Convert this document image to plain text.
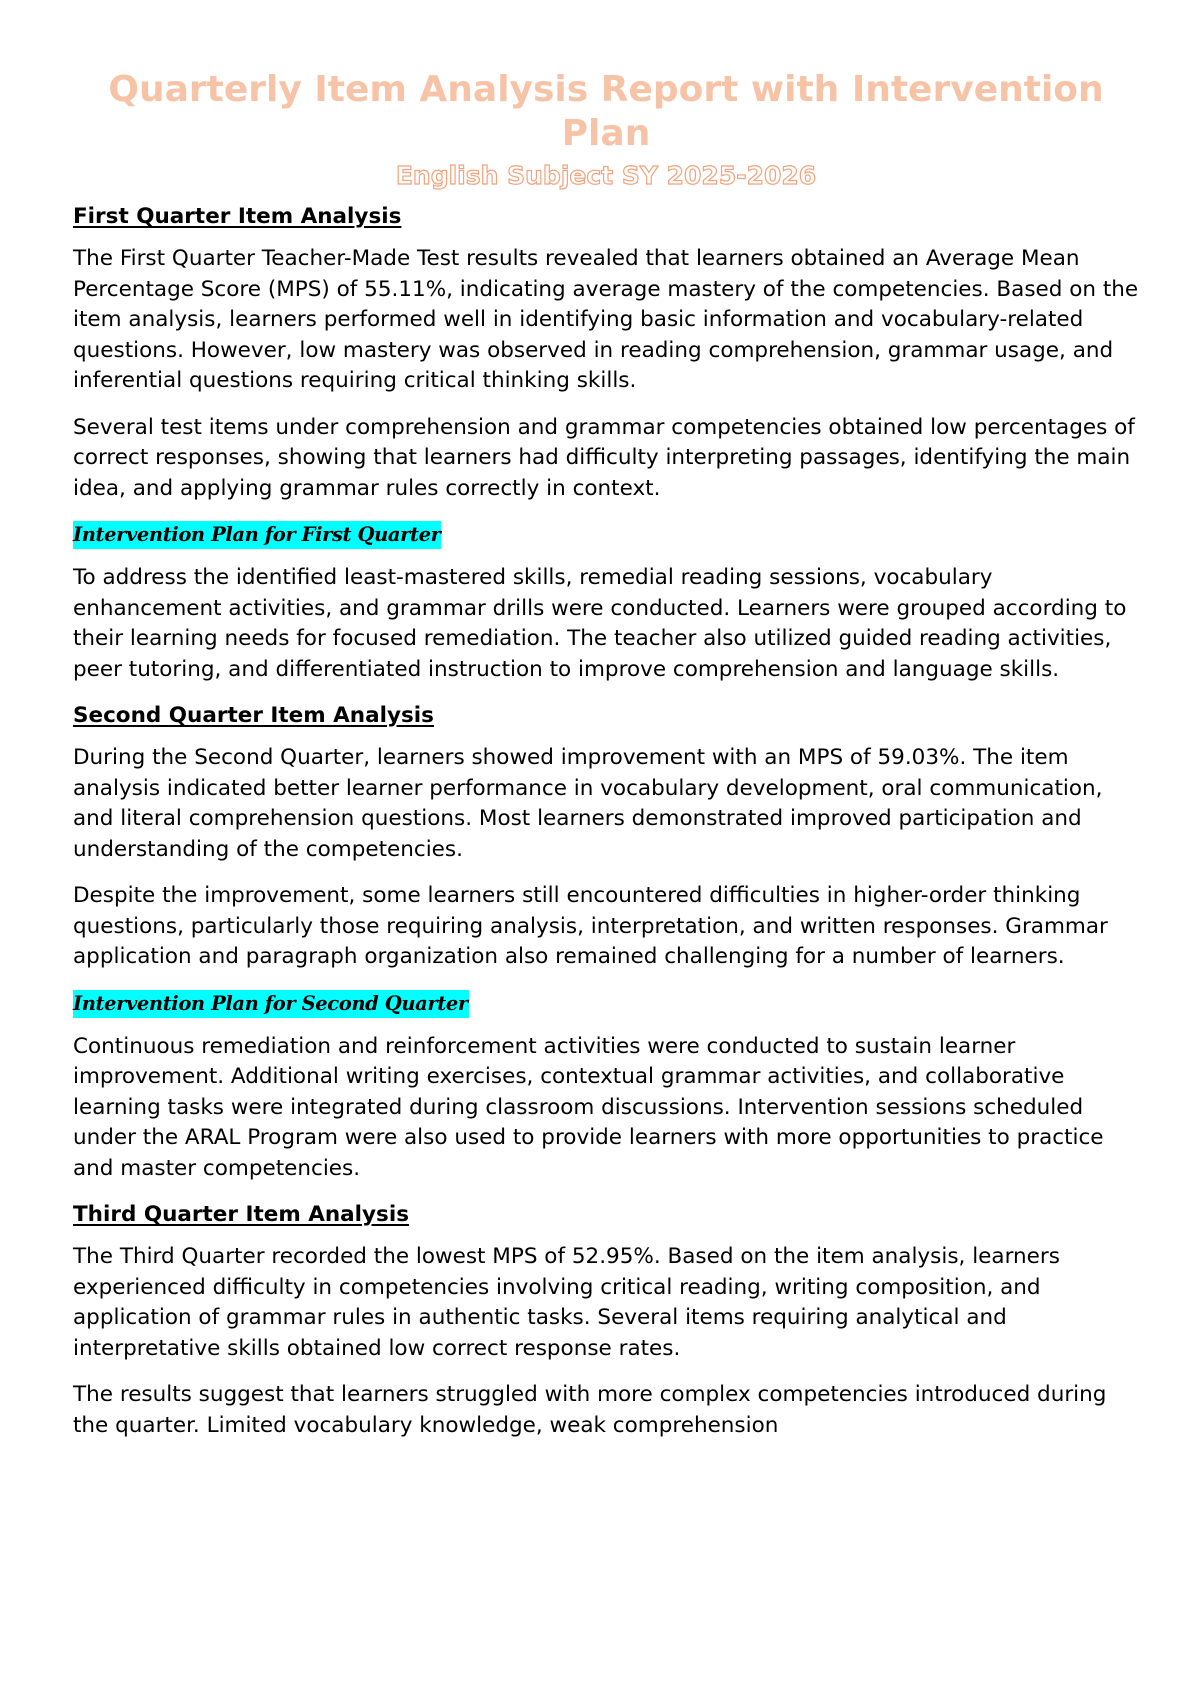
Quarterly Item Analysis Report with Intervention Plan
English Subject SY 2025-2026
First Quarter Item Analysis

The First Quarter Teacher-Made Test results revealed that learners obtained an Average Mean Percentage Score (MPS) of 55.11%, indicating average mastery of the competencies. Based on the item analysis, learners performed well in identifying basic information and vocabulary-related questions. However, low mastery was observed in reading comprehension, grammar usage, and inferential questions requiring critical thinking skills.

Several test items under comprehension and grammar competencies obtained low percentages of correct responses, showing that learners had difficulty interpreting passages, identifying the main idea, and applying grammar rules correctly in context.

Intervention Plan for First Quarter

To address the identified least-mastered skills, remedial reading sessions, vocabulary enhancement activities, and grammar drills were conducted. Learners were grouped according to their learning needs for focused remediation. The teacher also utilized guided reading activities, peer tutoring, and differentiated instruction to improve comprehension and language skills.

Second Quarter Item Analysis

During the Second Quarter, learners showed improvement with an MPS of 59.03%. The item analysis indicated better learner performance in vocabulary development, oral communication, and literal comprehension questions. Most learners demonstrated improved participation and understanding of the competencies.

Despite the improvement, some learners still encountered difficulties in higher-order thinking questions, particularly those requiring analysis, interpretation, and written responses. Grammar application and paragraph organization also remained challenging for a number of learners.

Intervention Plan for Second Quarter

Continuous remediation and reinforcement activities were conducted to sustain learner improvement. Additional writing exercises, contextual grammar activities, and collaborative learning tasks were integrated during classroom discussions. Intervention sessions scheduled under the ARAL Program were also used to provide learners with more opportunities to practice and master competencies.

Third Quarter Item Analysis

The Third Quarter recorded the lowest MPS of 52.95%. Based on the item analysis, learners experienced difficulty in competencies involving critical reading, writing composition, and application of grammar rules in authentic tasks. Several items requiring analytical and interpretative skills obtained low correct response rates.

The results suggest that learners struggled with more complex competencies introduced during the quarter. Limited vocabulary knowledge, weak comprehension
